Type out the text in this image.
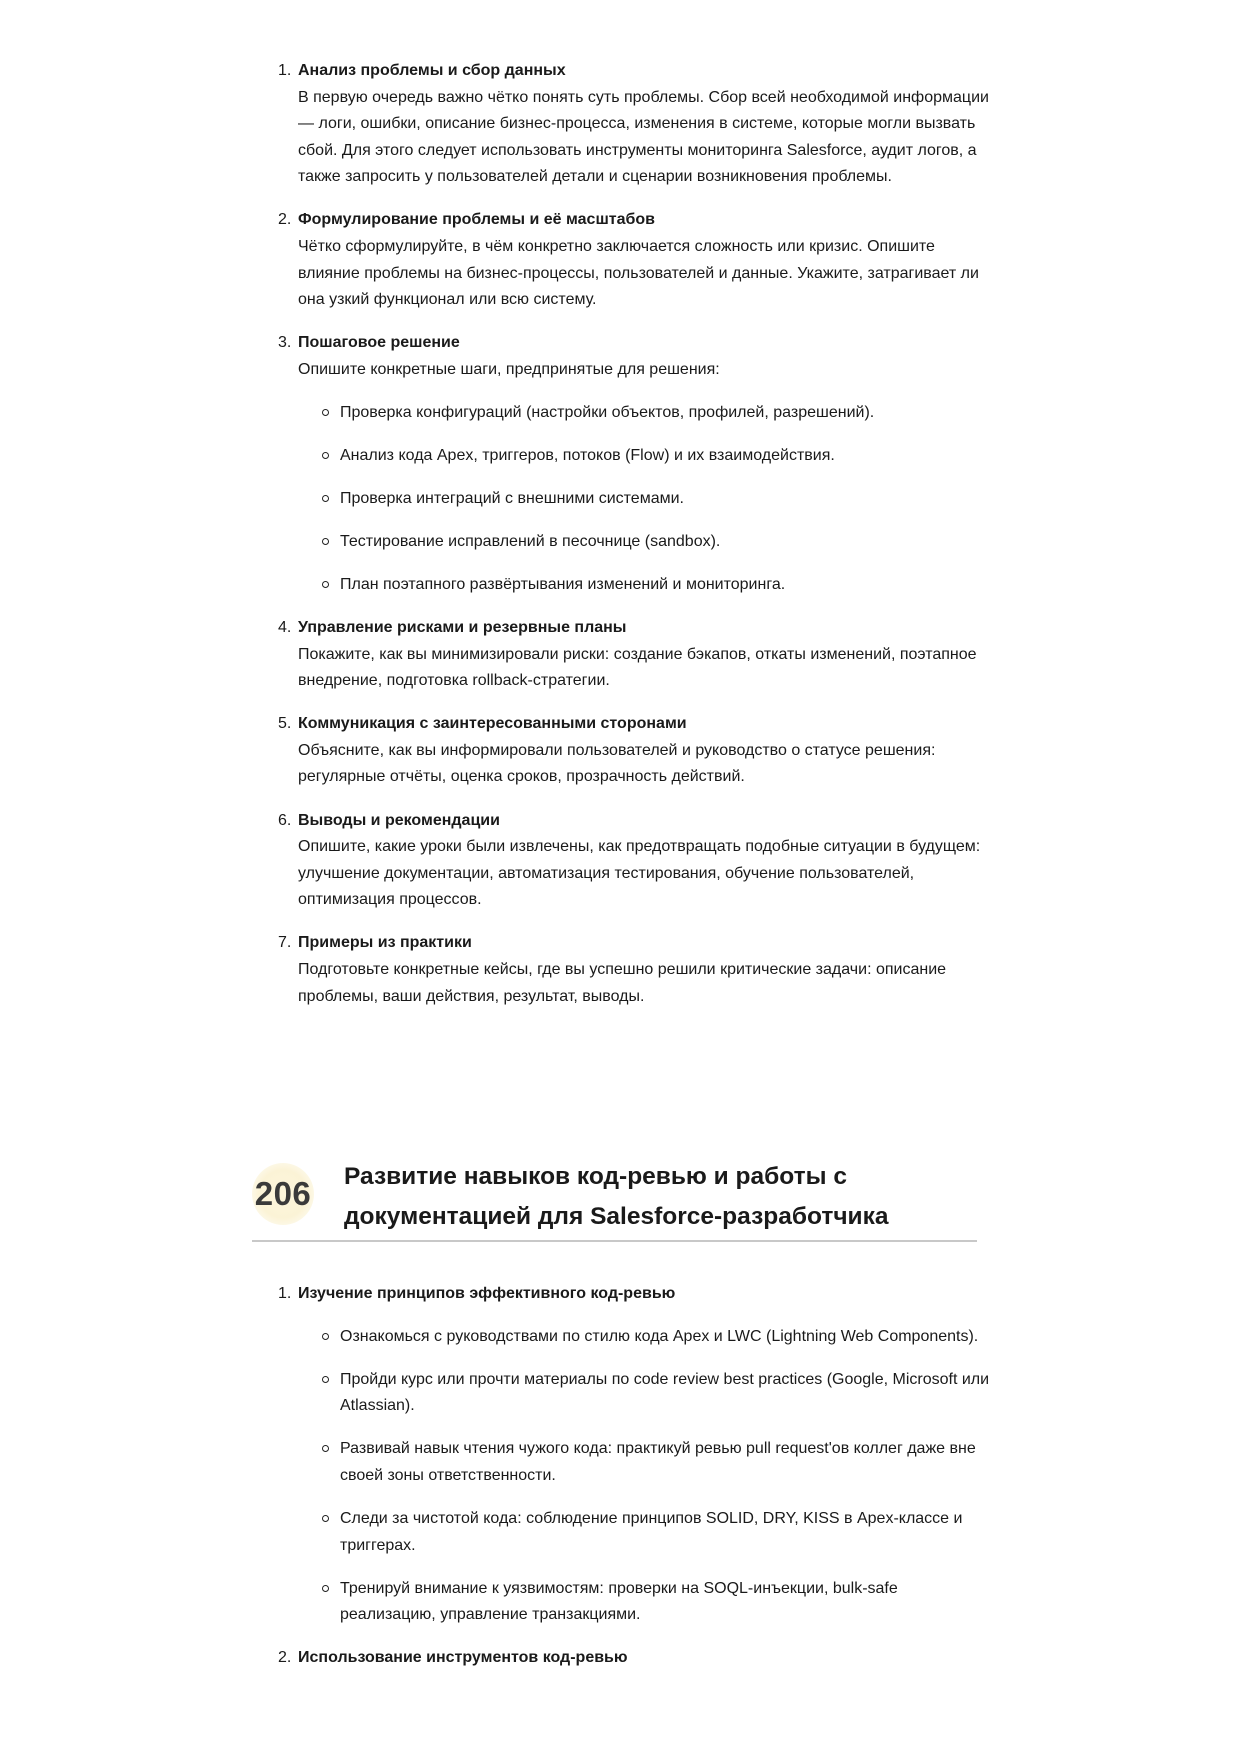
1. Анализ проблемы и сбор данных
В первую очередь важно чётко понять суть проблемы. Сбор всей необходимой информации — логи, ошибки, описание бизнес-процесса, изменения в системе, которые могли вызвать сбой. Для этого следует использовать инструменты мониторинга Salesforce, аудит логов, а также запросить у пользователей детали и сценарии возникновения проблемы.
2. Формулирование проблемы и её масштабов
Чётко сформулируйте, в чём конкретно заключается сложность или кризис. Опишите влияние проблемы на бизнес-процессы, пользователей и данные. Укажите, затрагивает ли она узкий функционал или всю систему.
3. Пошаговое решение
Опишите конкретные шаги, предпринятые для решения:
Проверка конфигураций (настройки объектов, профилей, разрешений).
Анализ кода Apex, триггеров, потоков (Flow) и их взаимодействия.
Проверка интеграций с внешними системами.
Тестирование исправлений в песочнице (sandbox).
План поэтапного развёртывания изменений и мониторинга.
4. Управление рисками и резервные планы
Покажите, как вы минимизировали риски: создание бэкапов, откаты изменений, поэтапное внедрение, подготовка rollback-стратегии.
5. Коммуникация с заинтересованными сторонами
Объясните, как вы информировали пользователей и руководство о статусе решения: регулярные отчёты, оценка сроков, прозрачность действий.
6. Выводы и рекомендации
Опишите, какие уроки были извлечены, как предотвращать подобные ситуации в будущем: улучшение документации, автоматизация тестирования, обучение пользователей, оптимизация процессов.
7. Примеры из практики
Подготовьте конкретные кейсы, где вы успешно решили критические задачи: описание проблемы, ваши действия, результат, выводы.
206 Развитие навыков код-ревью и работы с документацией для Salesforce-разработчика
1. Изучение принципов эффективного код-ревью
Ознакомься с руководствами по стилю кода Apex и LWC (Lightning Web Components).
Пройди курс или прочти материалы по code review best practices (Google, Microsoft или Atlassian).
Развивай навык чтения чужого кода: практикуй ревью pull request'ов коллег даже вне своей зоны ответственности.
Следи за чистотой кода: соблюдение принципов SOLID, DRY, KISS в Apex-классе и триггерах.
Тренируй внимание к уязвимостям: проверки на SOQL-инъекции, bulk-safe реализацию, управление транзакциями.
2. Использование инструментов код-ревью
